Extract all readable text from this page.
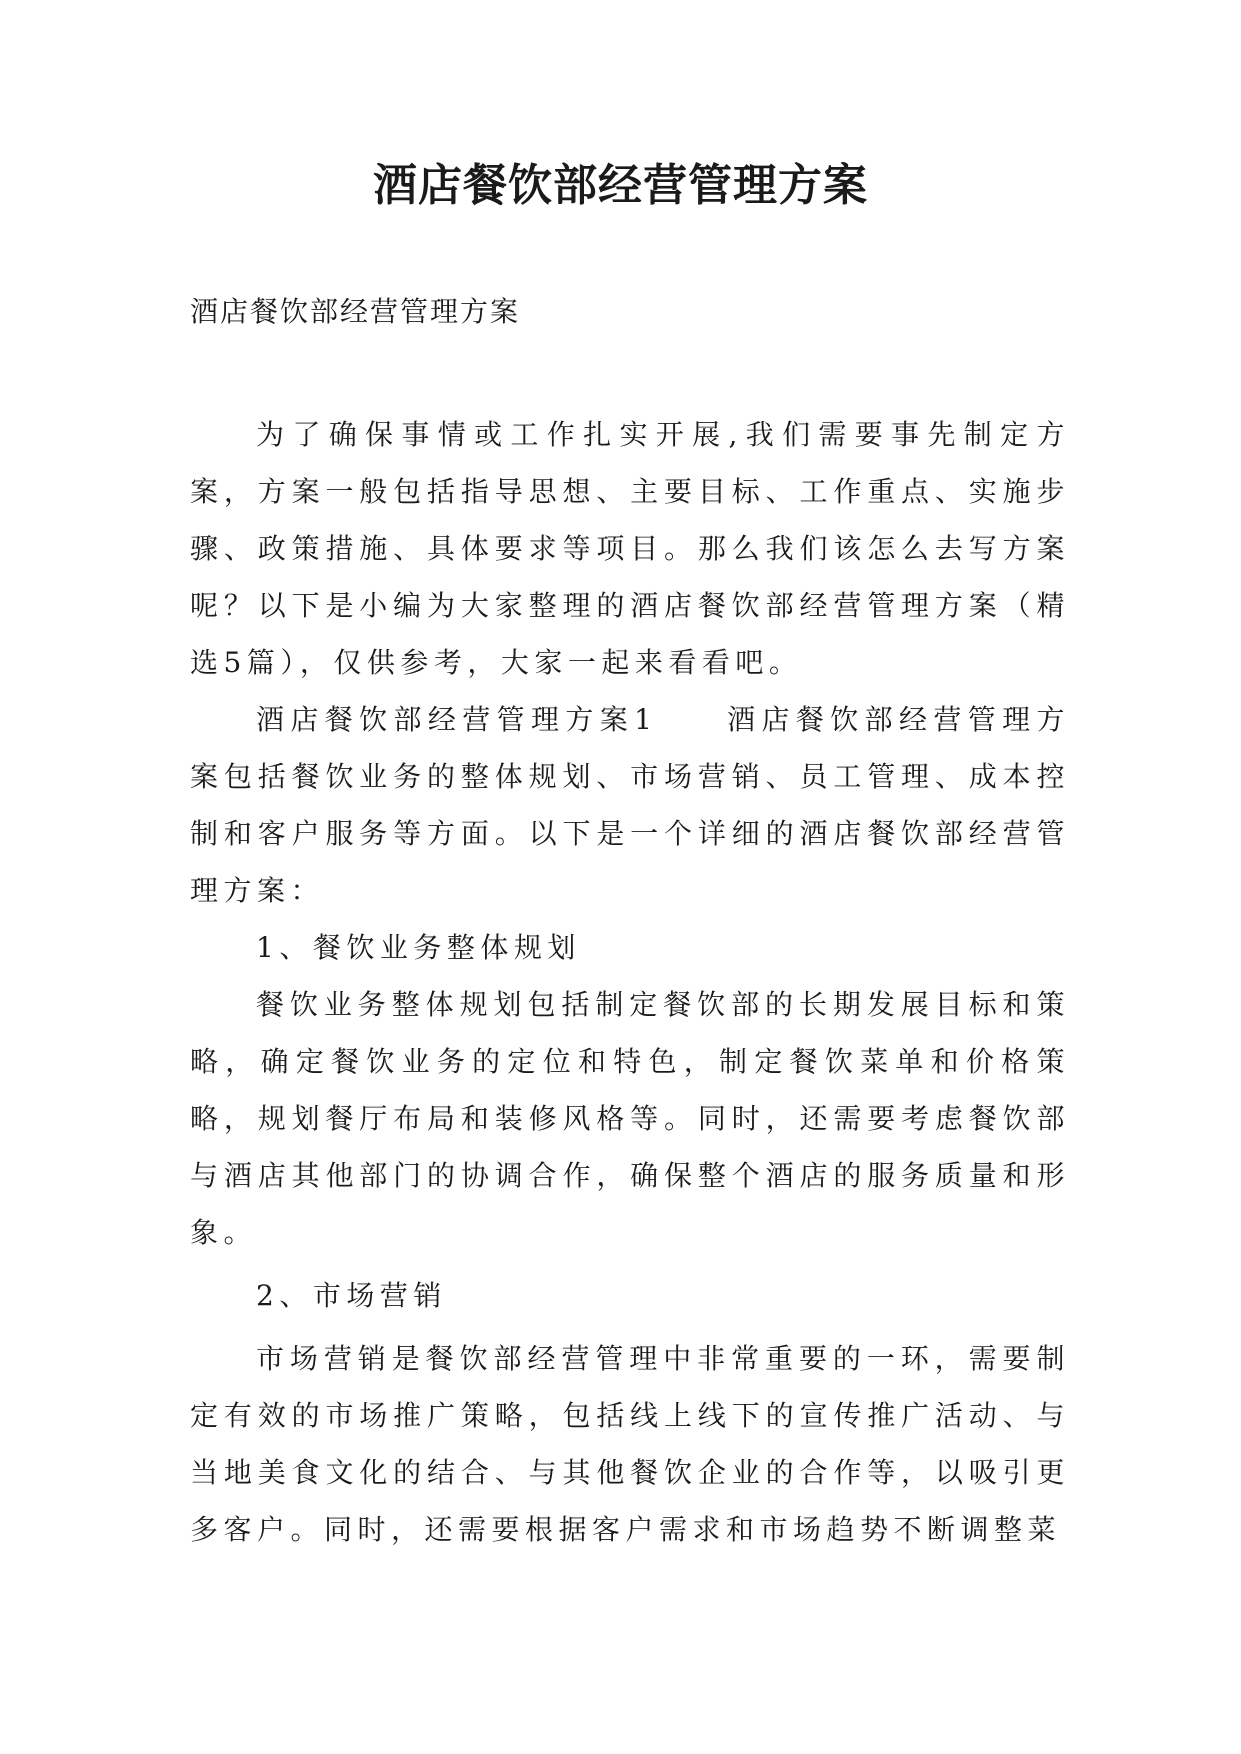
酒店餐饮部经营管理方案
酒店餐饮部经营管理方案

为了确保事情或工作扎实开展,我们需要事先制定方案，方案一般包括指导思想、主要目标、工作重点、实施步骤、政策措施、具体要求等项目。那么我们该怎么去写方案呢？以下是小编为大家整理的酒店餐饮部经营管理方案（精选5篇），仅供参考，大家一起来看看吧。

酒店餐饮部经营管理方案1　　酒店餐饮部经营管理方案包括餐饮业务的整体规划、市场营销、员工管理、成本控制和客户服务等方面。以下是一个详细的酒店餐饮部经营管理方案：

1、餐饮业务整体规划

餐饮业务整体规划包括制定餐饮部的长期发展目标和策略，确定餐饮业务的定位和特色，制定餐饮菜单和价格策略，规划餐厅布局和装修风格等。同时，还需要考虑餐饮部与酒店其他部门的协调合作，确保整个酒店的服务质量和形象。

2、市场营销

市场营销是餐饮部经营管理中非常重要的一环，需要制定有效的市场推广策略，包括线上线下的宣传推广活动、与当地美食文化的结合、与其他餐饮企业的合作等，以吸引更多客户。同时，还需要根据客户需求和市场趋势不断调整菜
